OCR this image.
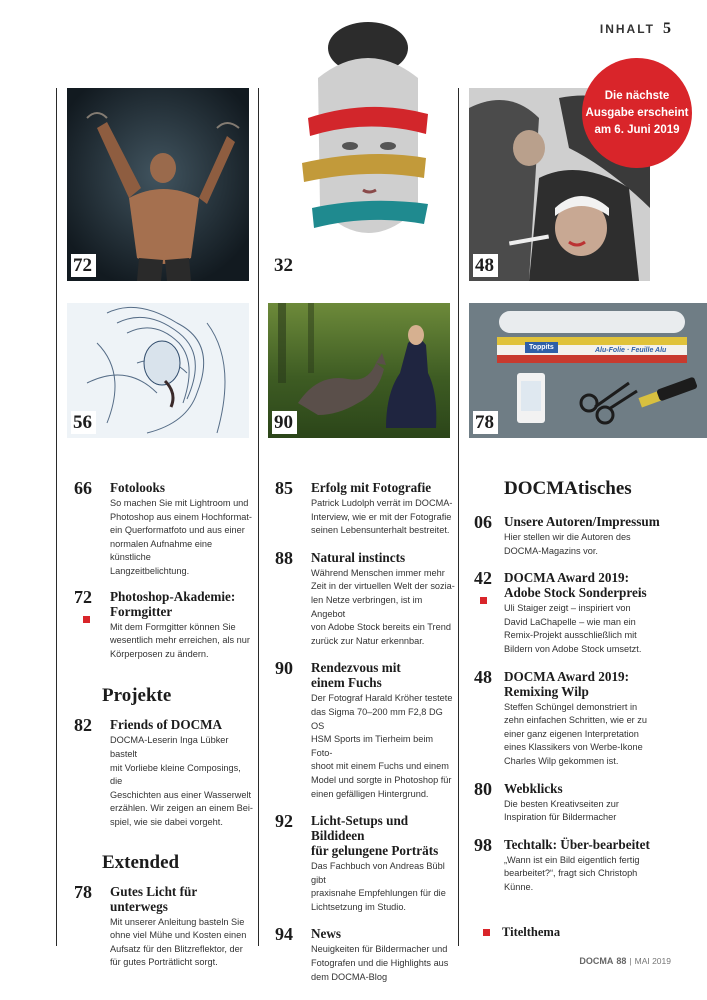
INHALT 5
72	32	48
Die nächste
Ausgabe erscheint
am 6. Juni 2019
56	90	78
Toppits	Alu-Folie · Feuille Alu
66 Fotolooks
So machen Sie mit Lightroom und
Photoshop aus einem Hochformat-
ein Querformatfoto und aus einer
normalen Aufnahme eine künstliche
Langzeitbelichtung.
72 Photoshop-Akademie:
Formgitter
Mit dem Formgitter können Sie
wesentlich mehr erreichen, als nur
Körperposen zu ändern.
Projekte
82 Friends of DOCMA
DOCMA-Leserin Inga Lübker bastelt
mit Vorliebe kleine Composings, die
Geschichten aus einer Wasserwelt
erzählen. Wir zeigen an einem Bei-
spiel, wie sie dabei vorgeht.
Extended
78 Gutes Licht für unterwegs
Mit unserer Anleitung basteln Sie
ohne viel Mühe und Kosten einen
Aufsatz für den Blitzreflektor, der
für gutes Porträtlicht sorgt.
85 Erfolg mit Fotografie
Patrick Ludolph verrät im DOCMA-
Interview, wie er mit der Fotografie
seinen Lebensunterhalt bestreitet.
88 Natural instincts
Während Menschen immer mehr
Zeit in der virtuellen Welt der sozia-
len Netze verbringen, ist im Angebot
von Adobe Stock bereits ein Trend
zurück zur Natur erkennbar.
90 Rendezvous mit
einem Fuchs
Der Fotograf Harald Kröher testete
das Sigma 70–200 mm F2,8 DG OS
HSM Sports im Tierheim beim Foto-
shoot mit einem Fuchs und einem
Model und sorgte in Photoshop für
einen gefälligen Hintergrund.
92 Licht-Setups und Bildideen
für gelungene Porträts
Das Fachbuch von Andreas Bübl gibt
praxisnahe Empfehlungen für die
Lichtsetzung im Studio.
94 News
Neuigkeiten für Bildermacher und
Fotografen und die Highlights aus
dem DOCMA-Blog
DOCMAtisches
06 Unsere Autoren/Impressum
Hier stellen wir die Autoren des
DOCMA-Magazins vor.
42 DOCMA Award 2019:
Adobe Stock Sonderpreis
Uli Staiger zeigt – inspiriert von
David LaChapelle – wie man ein
Remix-Projekt ausschließlich mit
Bildern von Adobe Stock umsetzt.
48 DOCMA Award 2019:
Remixing Wilp
Steffen Schüngel demonstriert in
zehn einfachen Schritten, wie er zu
einer ganz eigenen Interpretation
eines Klassikers von Werbe-Ikone
Charles Wilp gekommen ist.
80 Webklicks
Die besten Kreativseiten zur
Inspiration für Bildermacher
98 Techtalk: Über-bearbeitet
„Wann ist ein Bild eigentlich fertig
bearbeitet?“, fragt sich Christoph
Künne.
Titelthema
DOCMA 88 | MAI 2019
